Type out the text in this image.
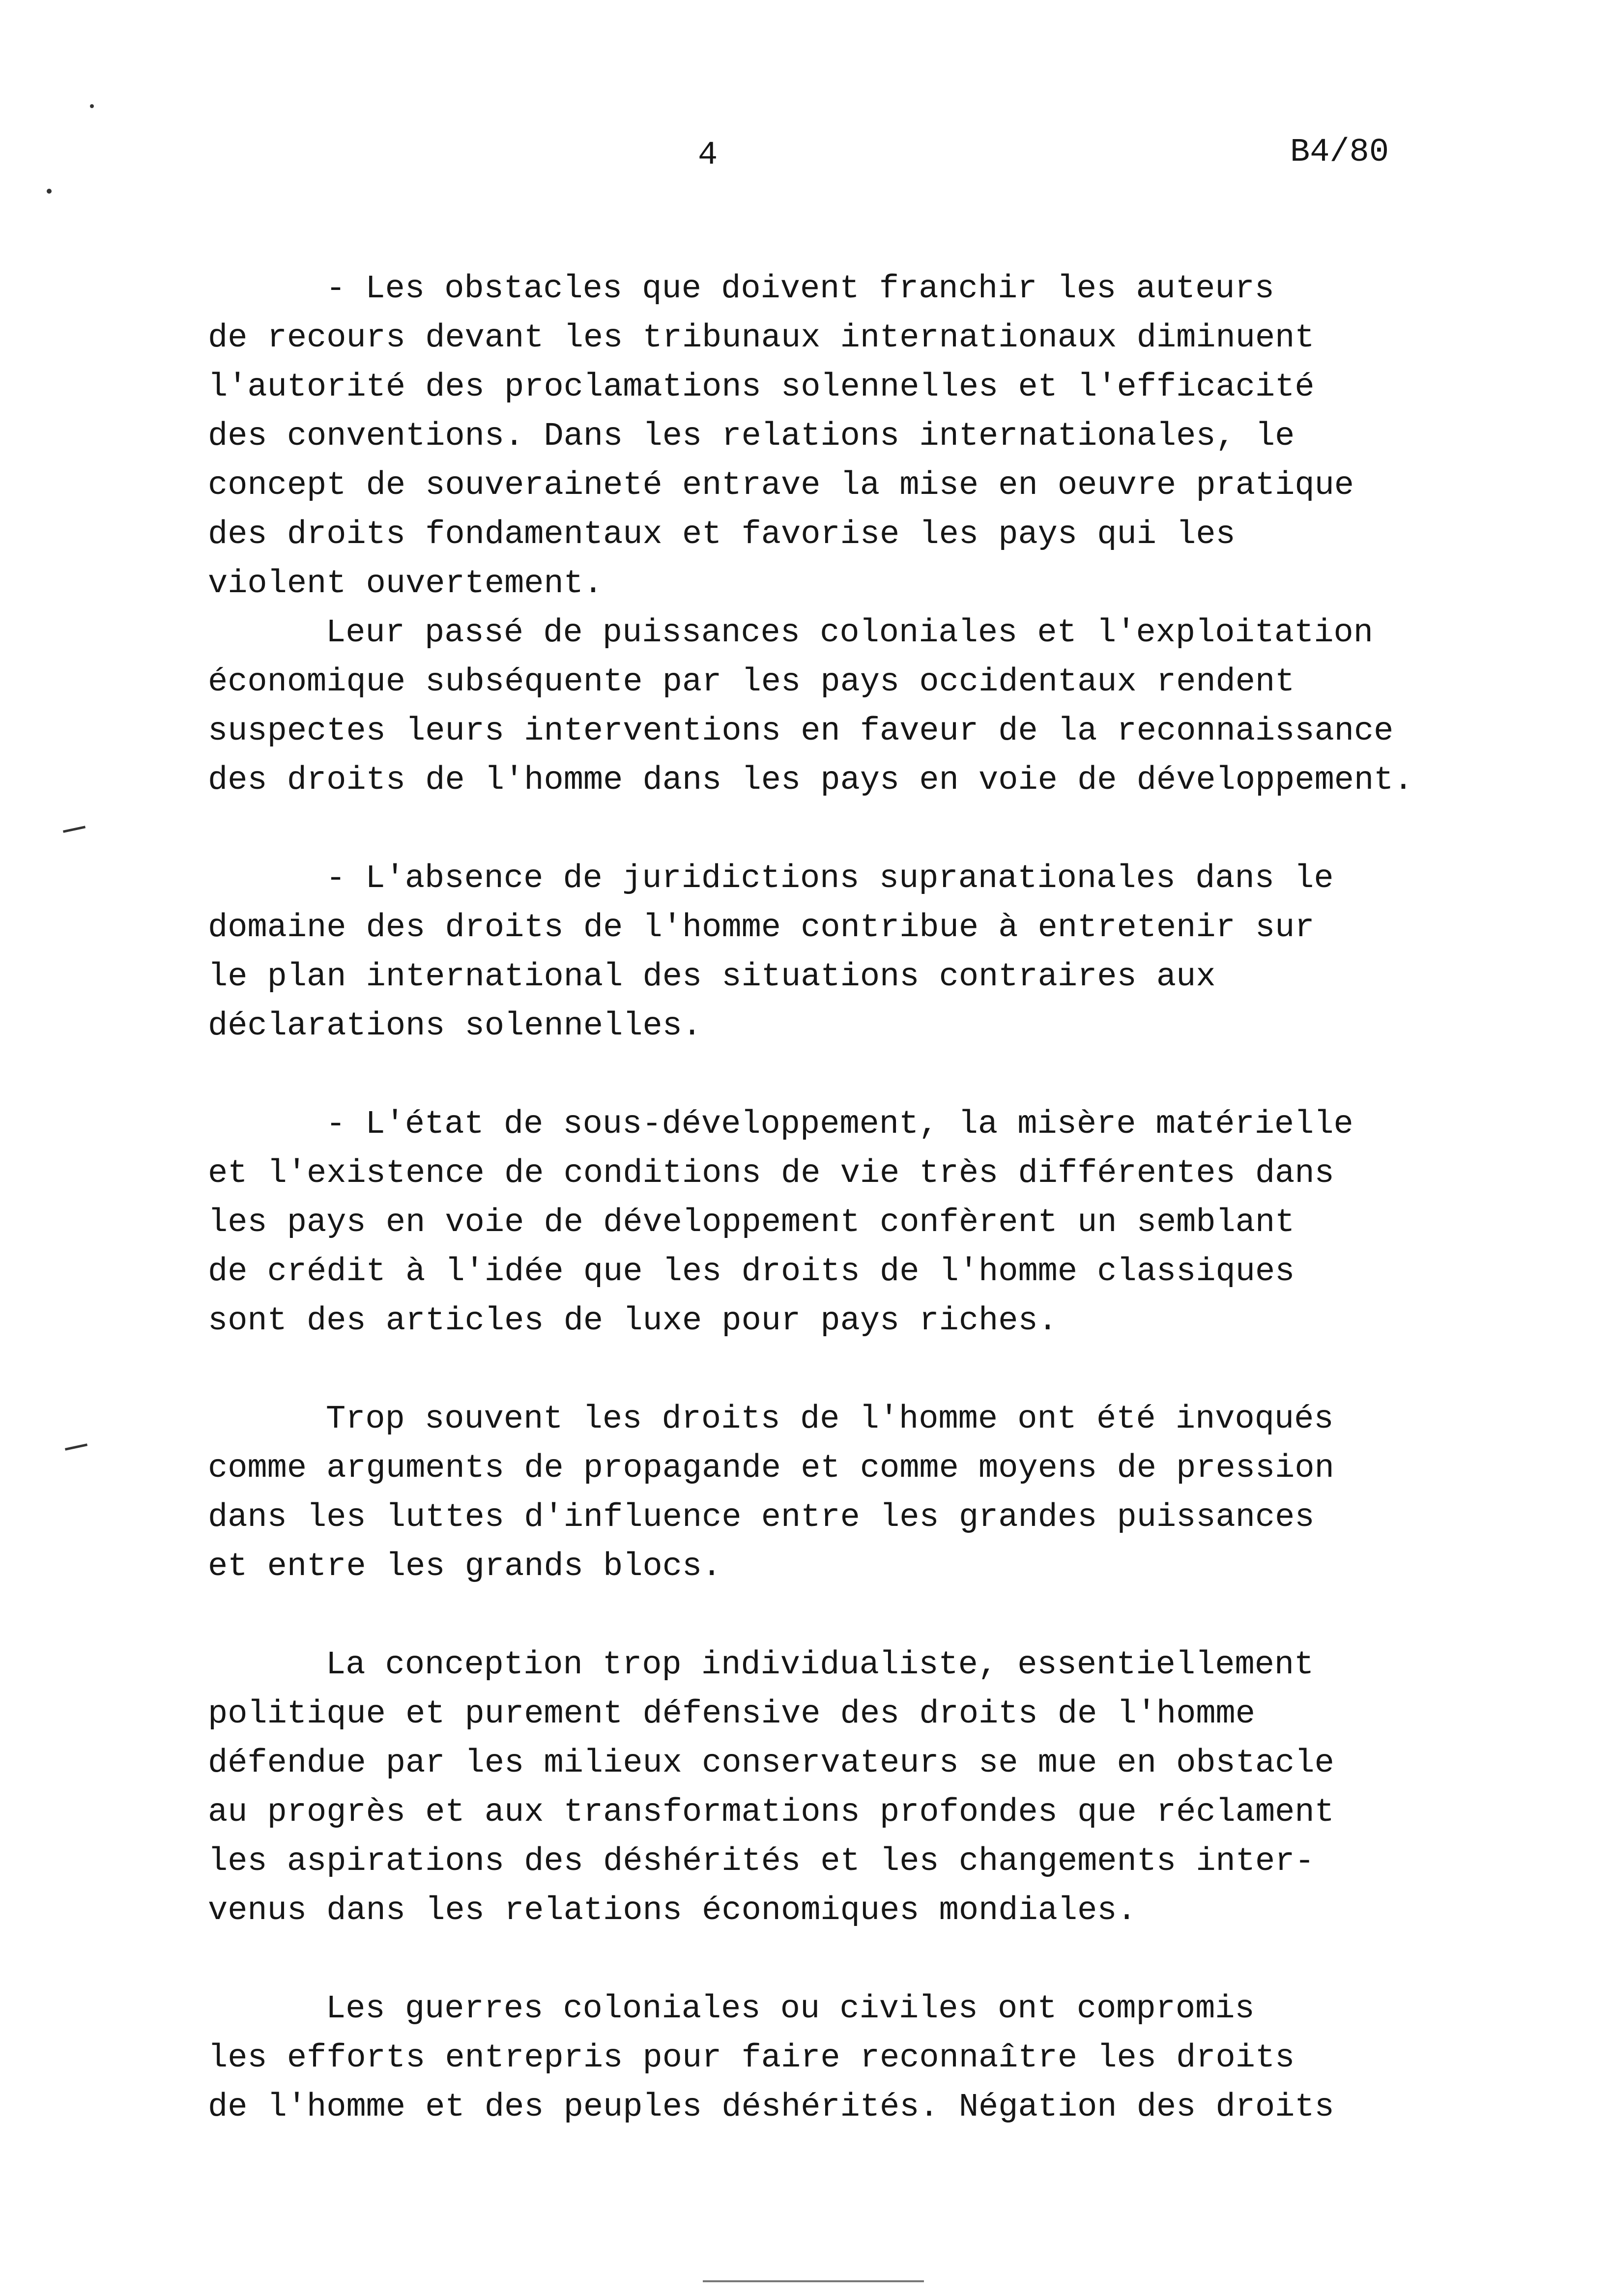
4	B4/80
- Les obstacles que doivent franchir les auteurs
de recours devant les tribunaux internationaux diminuent
l'autorité des proclamations solennelles et l'efficacité
des conventions. Dans les relations internationales, le
concept de souveraineté entrave la mise en oeuvre pratique
des droits fondamentaux et favorise les pays qui les
violent ouvertement.
Leur passé de puissances coloniales et l'exploitation
économique subséquente par les pays occidentaux rendent
suspectes leurs interventions en faveur de la reconnaissance
des droits de l'homme dans les pays en voie de développement.
- L'absence de juridictions supranationales dans le
domaine des droits de l'homme contribue à entretenir sur
le plan international des situations contraires aux
déclarations solennelles.
- L'état de sous-développement, la misère matérielle
et l'existence de conditions de vie très différentes dans
les pays en voie de développement confèrent un semblant
de crédit à l'idée que les droits de l'homme classiques
sont des articles de luxe pour pays riches.
Trop souvent les droits de l'homme ont été invoqués
comme arguments de propagande et comme moyens de pression
dans les luttes d'influence entre les grandes puissances
et entre les grands blocs.
La conception trop individualiste, essentiellement
politique et purement défensive des droits de l'homme
défendue par les milieux conservateurs se mue en obstacle
au progrès et aux transformations profondes que réclament
les aspirations des déshérités et les changements inter-
venus dans les relations économiques mondiales.
Les guerres coloniales ou civiles ont compromis
les efforts entrepris pour faire reconnaître les droits
de l'homme et des peuples déshérités. Négation des droits
